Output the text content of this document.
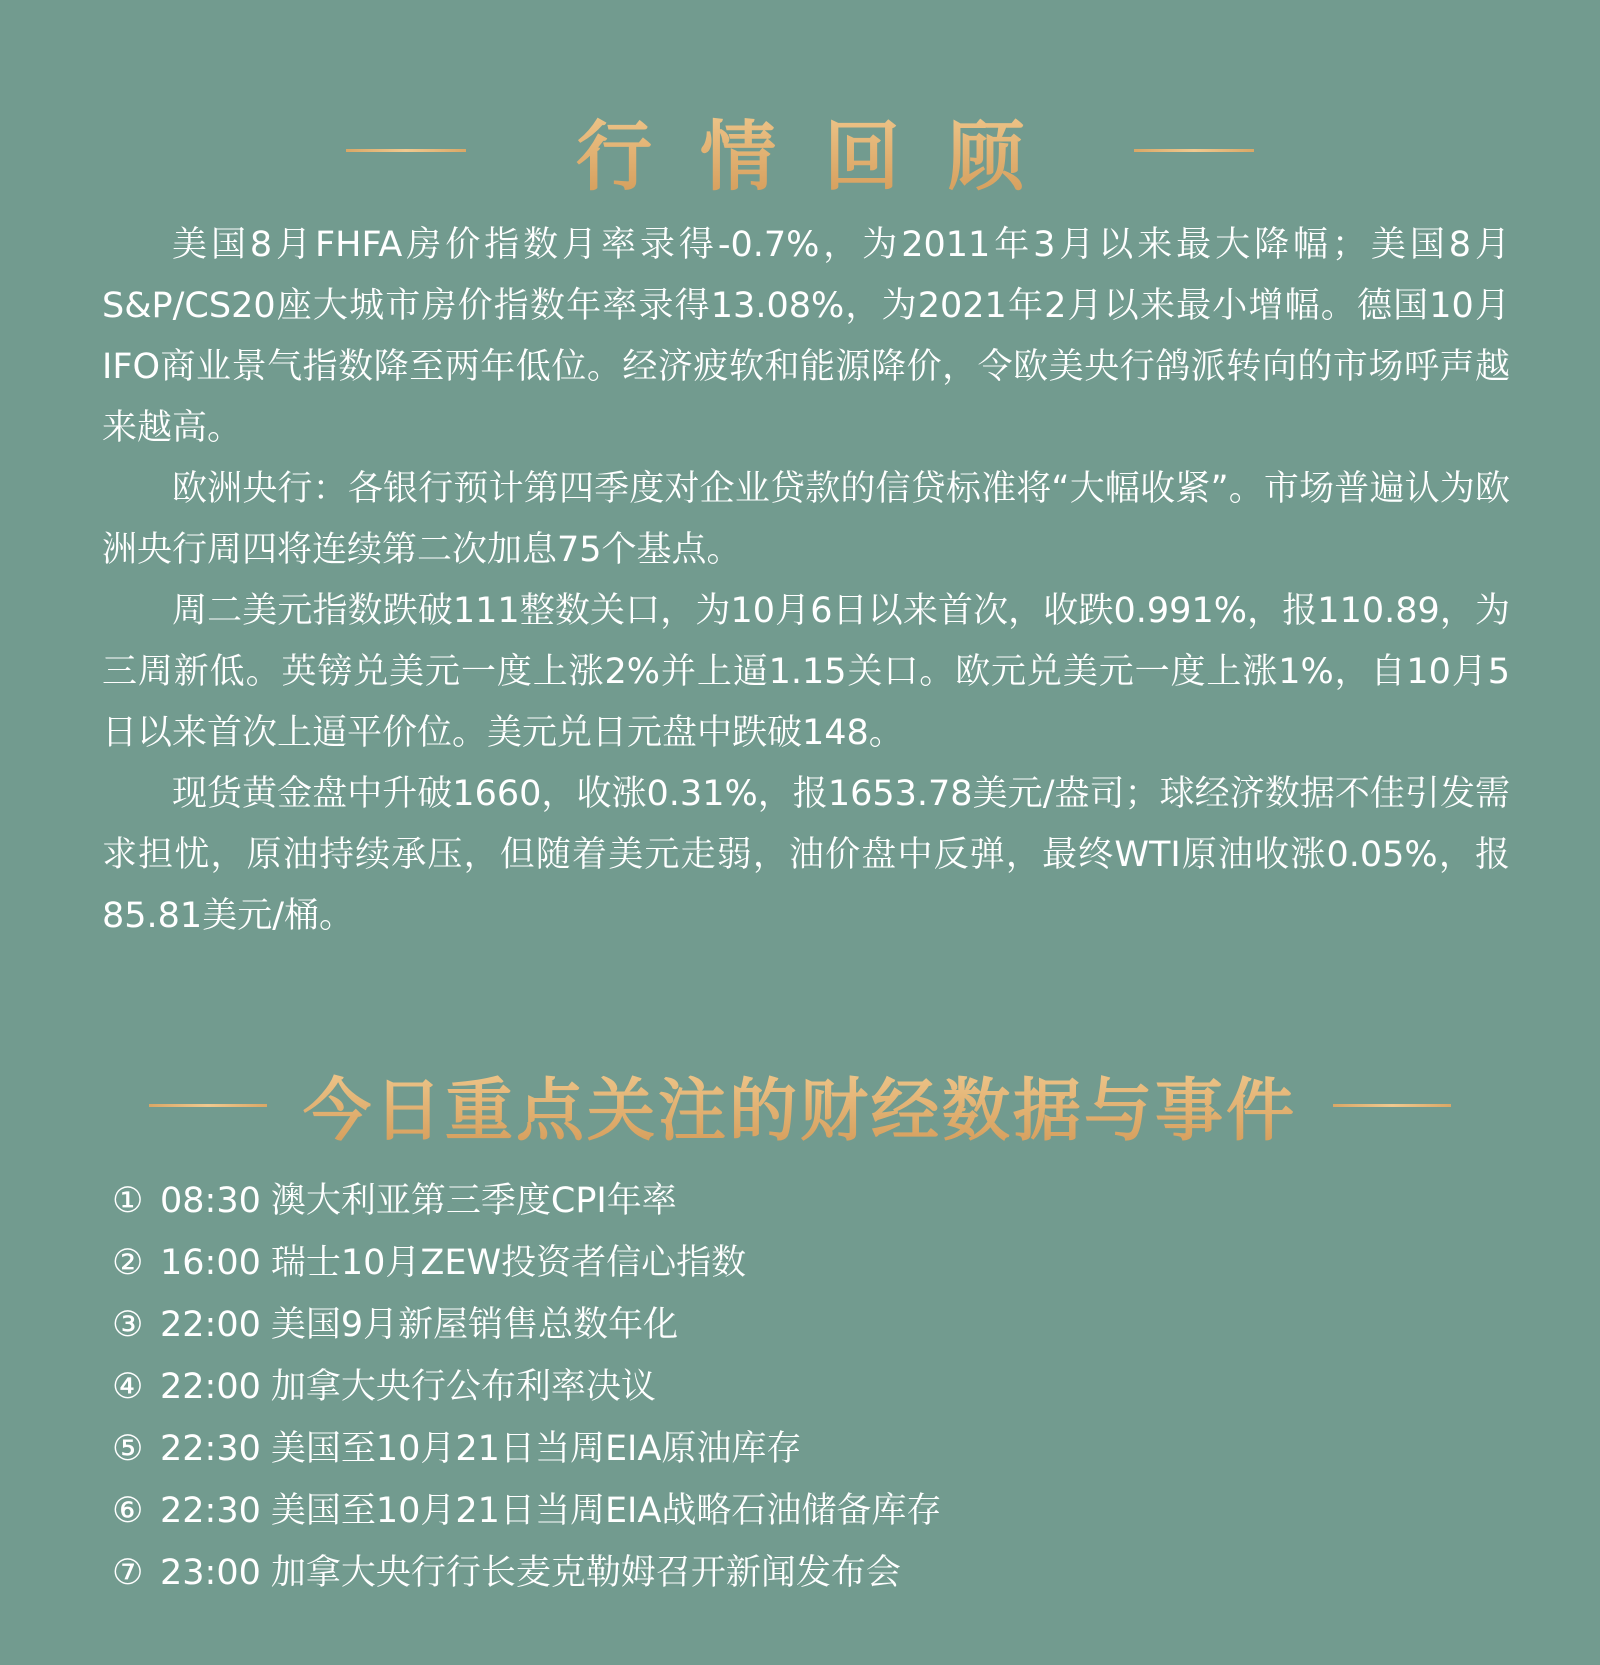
行情回顾

美国8月FHFA房价指数月率录得-0.7%，为2011年3月以来最大降幅；美国8月S&P/CS20座大城市房价指数年率录得13.08%，为2021年2月以来最小增幅。德国10月IFO商业景气指数降至两年低位。经济疲软和能源降价，令欧美央行鸽派转向的市场呼声越来越高。

欧洲央行：各银行预计第四季度对企业贷款的信贷标准将“大幅收紧”。市场普遍认为欧洲央行周四将连续第二次加息75个基点。

周二美元指数跌破111整数关口，为10月6日以来首次，收跌0.991%，报110.89，为三周新低。英镑兑美元一度上涨2%并上逼1.15关口。欧元兑美元一度上涨1%，自10月5日以来首次上逼平价位。美元兑日元盘中跌破148。

现货黄金盘中升破1660，收涨0.31%，报1653.78美元/盎司；球经济数据不佳引发需求担忧，原油持续承压，但随着美元走弱，油价盘中反弹，最终WTI原油收涨0.05%，报85.81美元/桶。

今日重点关注的财经数据与事件
① 08:30 澳大利亚第三季度CPI年率
② 16:00 瑞士10月ZEW投资者信心指数
③ 22:00 美国9月新屋销售总数年化
④ 22:00 加拿大央行公布利率决议
⑤ 22:30 美国至10月21日当周EIA原油库存
⑥ 22:30 美国至10月21日当周EIA战略石油储备库存
⑦ 23:00 加拿大央行行长麦克勒姆召开新闻发布会
